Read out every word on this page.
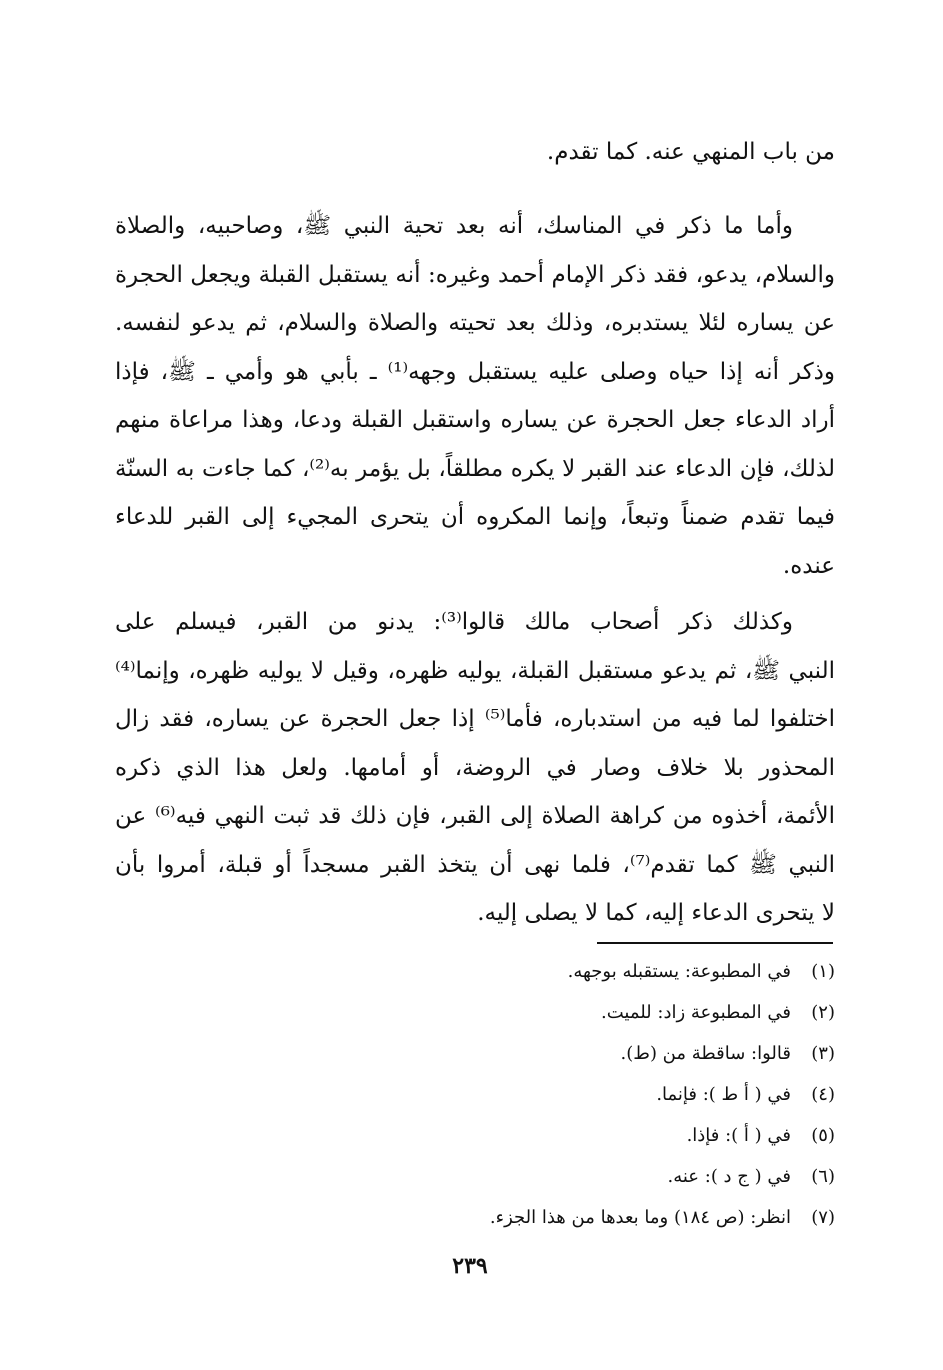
من باب المنهي عنه. كما تقدم.
وأما ما ذكر في المناسك، أنه بعد تحية النبي ﷺ، وصاحبيه، والصلاة
والسلام، يدعو، فقد ذكر الإمام أحمد وغيره: أنه يستقبل القبلة ويجعل الحجرة
عن يساره لئلا يستدبره، وذلك بعد تحيته والصلاة والسلام، ثم يدعو لنفسه.
وذكر أنه إذا حياه وصلى عليه يستقبل وجهه⁽¹⁾ ـ بأبي هو وأمي ـ ﷺ، فإذا
أراد الدعاء جعل الحجرة عن يساره واستقبل القبلة ودعا، وهذا مراعاة منهم
لذلك، فإن الدعاء عند القبر لا يكره مطلقاً، بل يؤمر به⁽²⁾، كما جاءت به السنّة
فيما تقدم ضمناً وتبعاً، وإنما المكروه أن يتحرى المجيء إلى القبر للدعاء
عنده.
وكذلك ذكر أصحاب مالك قالوا⁽³⁾: يدنو من القبر، فيسلم على
النبي ﷺ، ثم يدعو مستقبل القبلة، يوليه ظهره، وقيل لا يوليه ظهره، وإنما⁽⁴⁾
اختلفوا لما فيه من استدباره، فأما⁽⁵⁾ إذا جعل الحجرة عن يساره، فقد زال
المحذور بلا خلاف وصار في الروضة، أو أمامها. ولعل هذا الذي ذكره
الأئمة، أخذوه من كراهة الصلاة إلى القبر، فإن ذلك قد ثبت النهي فيه⁽⁶⁾ عن
النبي ﷺ كما تقدم⁽⁷⁾، فلما نهى أن يتخذ القبر مسجداً أو قبلة، أمروا بأن
لا يتحرى الدعاء إليه، كما لا يصلى إليه.
(١)
في المطبوعة: يستقبله بوجهه.
(٢)
في المطبوعة زاد: للميت.
(٣)
قالوا: ساقطة من (ط).
(٤)
في ( أ ط ): فإنما.
(٥)
في ( أ ): فإذا.
(٦)
في ( ج د ): عنه.
(٧)
انظر: (ص ١٨٤) وما بعدها من هذا الجزء.
٢٣٩
